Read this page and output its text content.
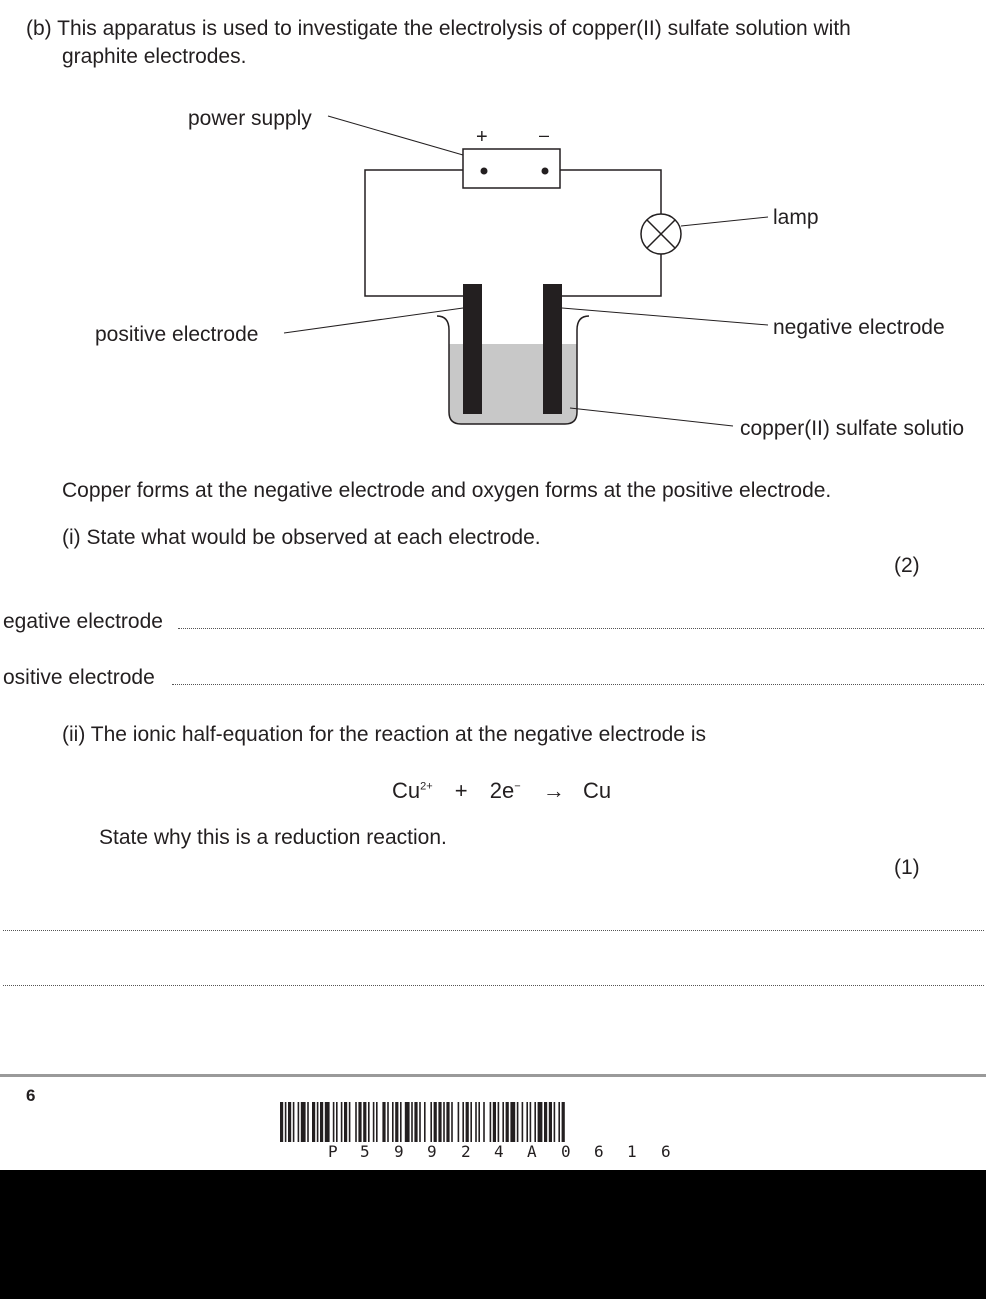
(b) This apparatus is used to investigate the electrolysis of copper(II) sulfate solution with
graphite electrodes.
+	–
power supply
lamp
positive electrode	negative electrode
copper(II) sulfate solutio
Copper forms at the negative electrode and oxygen forms at the positive electrode.
(i) State what would be observed at each electrode.
(2)
egative electrode
ositive electrode
(ii) The ionic half-equation for the reaction at the negative electrode is
$Cu^{2+} + 2e^- \to Cu$
State why this is a reduction reaction.
(1)
6
P 5 9 9 2 4 A 0 6 1 6
